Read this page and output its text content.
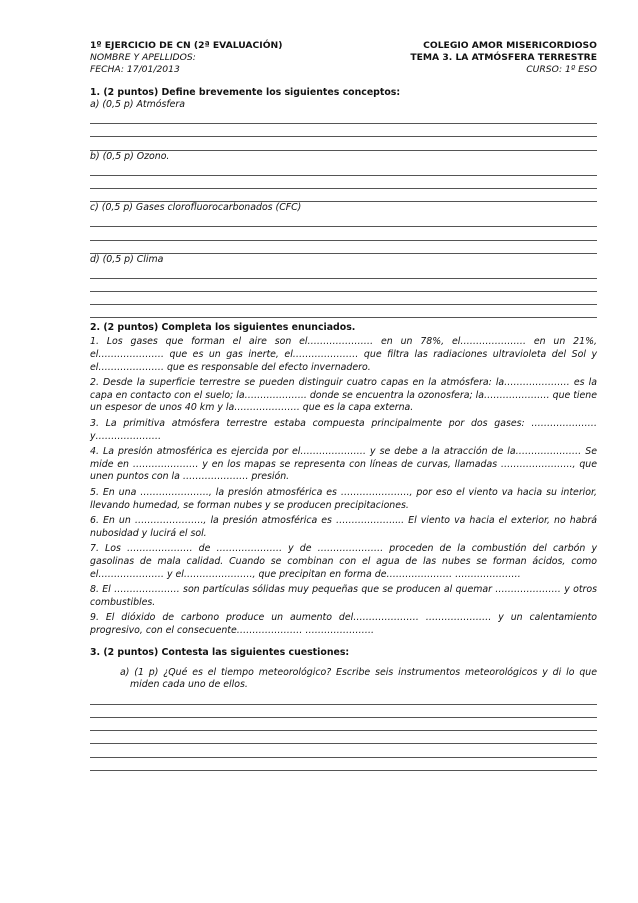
1º EJERCICIO DE CN (2ª EVALUACIÓN)
NOMBRE Y APELLIDOS:
FECHA: 17/01/2013
COLEGIO AMOR MISERICORDIOSO
TEMA 3. LA ATMÓSFERA TERRESTRE
CURSO: 1º ESO
1. (2 puntos) Define brevemente los siguientes conceptos:
a) (0,5 p) Atmósfera
b) (0,5 p) Ozono.
c) (0,5 p) Gases clorofluorocarbonados (CFC)
d) (0,5 p) Clima
2. (2 puntos) Completa los siguientes enunciados.
1. Los gases que forman el aire son el………………… en un 78%, el………………… en un 21%, el………………… que es un gas inerte, el………………… que filtra las radiaciones ultravioleta del Sol y el………………… que es responsable del efecto invernadero.
2. Desde la superficie terrestre se pueden distinguir cuatro capas en la atmósfera: la………………… es la capa en contacto con el suelo; la……………….. donde se encuentra la ozonosfera; la………………… que tiene un espesor de unos 40 km y la………………… que es la capa externa.
3. La primitiva atmósfera terrestre estaba compuesta principalmente por dos gases: ………………… y…………………
4. La presión atmosférica es ejercida por el………………… y se debe a la atracción de la………………… Se mide en ………………… y en los mapas se representa con líneas de curvas, llamadas ………………….., que unen puntos con la ………………… presión.
5. En una …………………., la presión atmosférica es …………………., por eso el viento va hacia su interior, llevando humedad, se forman nubes y se producen precipitaciones.
6. En un …………………., la presión atmosférica es ……………….... El viento va hacia el exterior, no habrá nubosidad y lucirá el sol.
7. Los ………………… de ………………… y de ………………… proceden de la combustión del carbón y gasolinas de mala calidad. Cuando se combinan con el agua de las nubes se forman ácidos, como el………………… y el…………………., que precipitan en forma de………………… …………………
8. El ………………… son partículas sólidas muy pequeñas que se producen al quemar ………………… y otros combustibles.
9. El dióxido de carbono produce un aumento del………………… ………………… y un calentamiento progresivo, con el consecuente………………… ………………….
3. (2 puntos) Contesta las siguientes cuestiones:
a) (1 p) ¿Qué es el tiempo meteorológico? Escribe seis instrumentos meteorológicos y di lo que miden cada uno de ellos.
